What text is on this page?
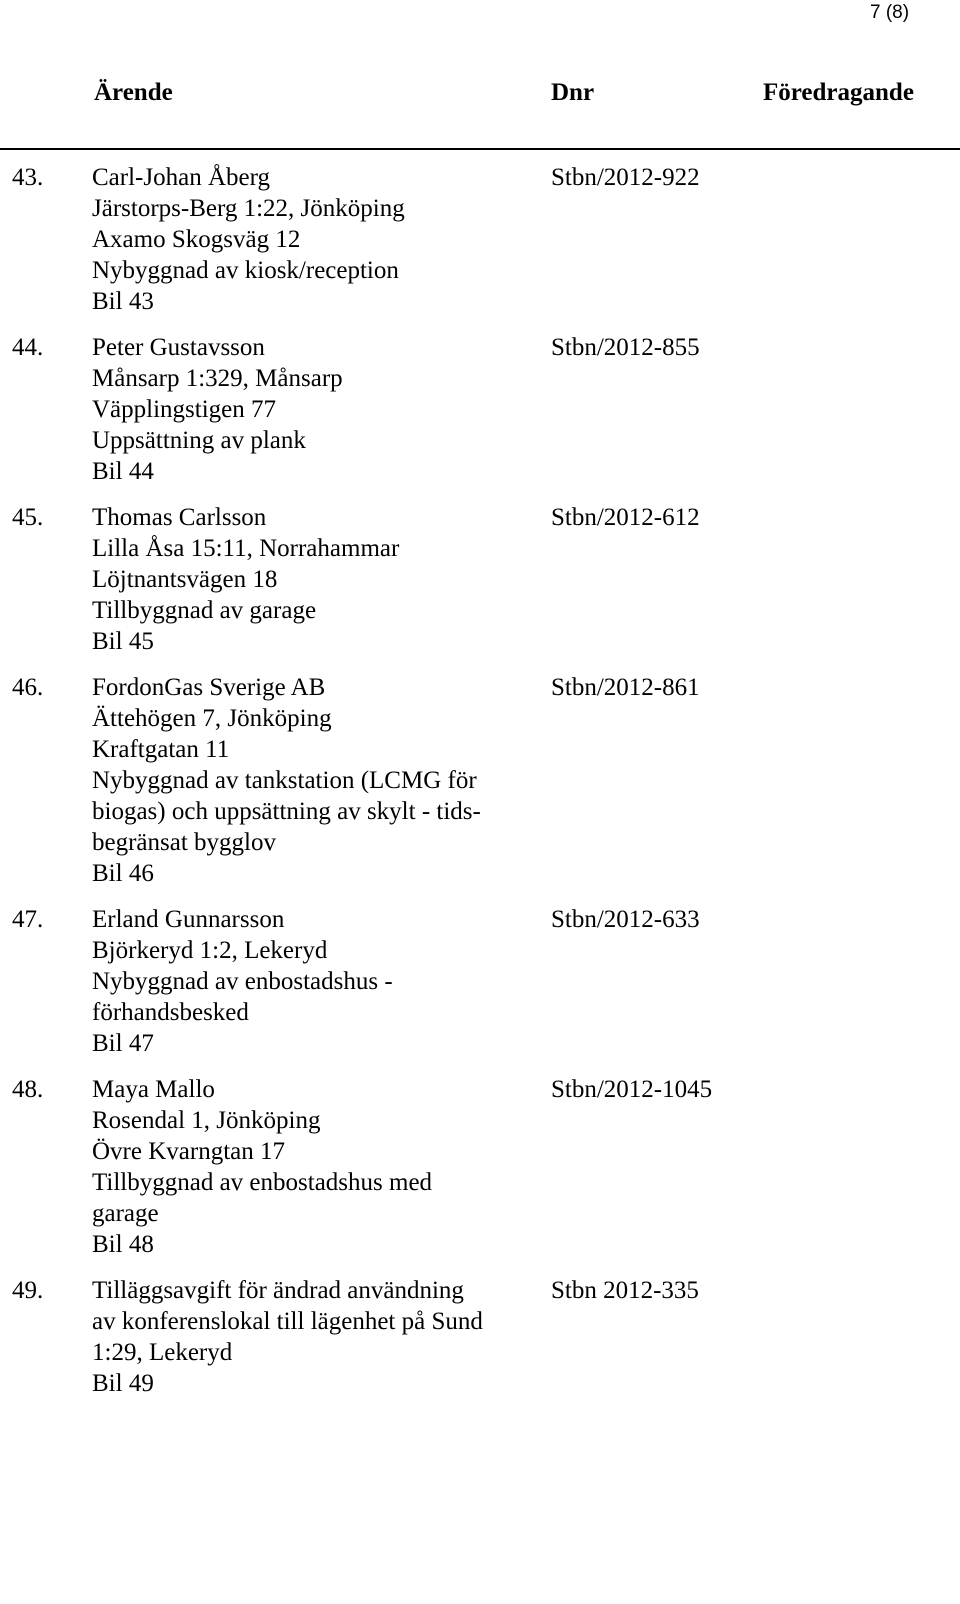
7 (8)
Ärende	Dnr	Föredragande
43. Carl-Johan Åberg
Järstorps-Berg 1:22, Jönköping
Axamo Skogsväg 12
Nybyggnad av kiosk/reception
Bil 43
Stbn/2012-922
44. Peter Gustavsson
Månsarp 1:329, Månsarp
Väpplingstigen 77
Uppsättning av plank
Bil 44
Stbn/2012-855
45. Thomas Carlsson
Lilla Åsa 15:11, Norrahammar
Löjtnantsvägen 18
Tillbyggnad av garage
Bil 45
Stbn/2012-612
46. FordonGas Sverige AB
Ättehögen 7, Jönköping
Kraftgatan 11
Nybyggnad av tankstation (LCMG för
biogas) och uppsättning av skylt - tids-
begränsat bygglov
Bil 46
Stbn/2012-861
47. Erland Gunnarsson
Björkeryd 1:2, Lekeryd
Nybyggnad av enbostadshus -
förhandsbesked
Bil 47
Stbn/2012-633
48. Maya Mallo
Rosendal 1, Jönköping
Övre Kvarngtan 17
Tillbyggnad av enbostadshus med
garage
Bil 48
Stbn/2012-1045
49. Tilläggsavgift för ändrad användning
av konferenslokal till lägenhet på Sund
1:29, Lekeryd
Bil 49
Stbn 2012-335
